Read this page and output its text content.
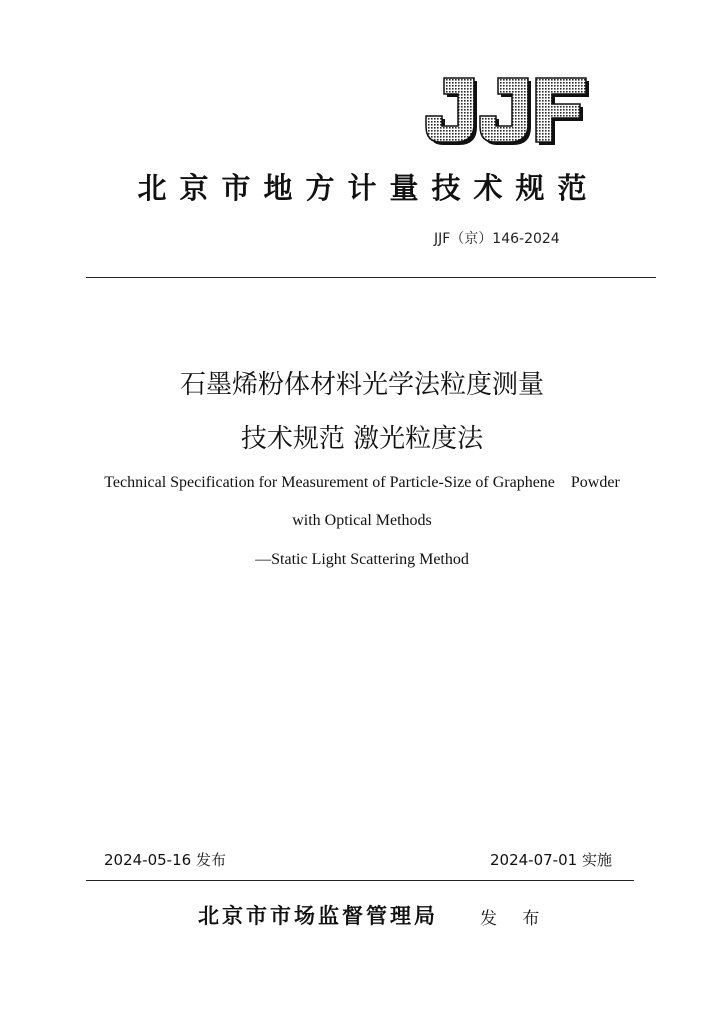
北京市地方计量技术规范
JJF（京）146-2024
石墨烯粉体材料光学法粒度测量
技术规范 激光粒度法
Technical Specification for Measurement of Particle-Size of Graphene    Powder
with Optical Methods
—Static Light Scattering Method
2024-05-16 发布	2024-07-01 实施
北京市市场监督管理局 发 布
